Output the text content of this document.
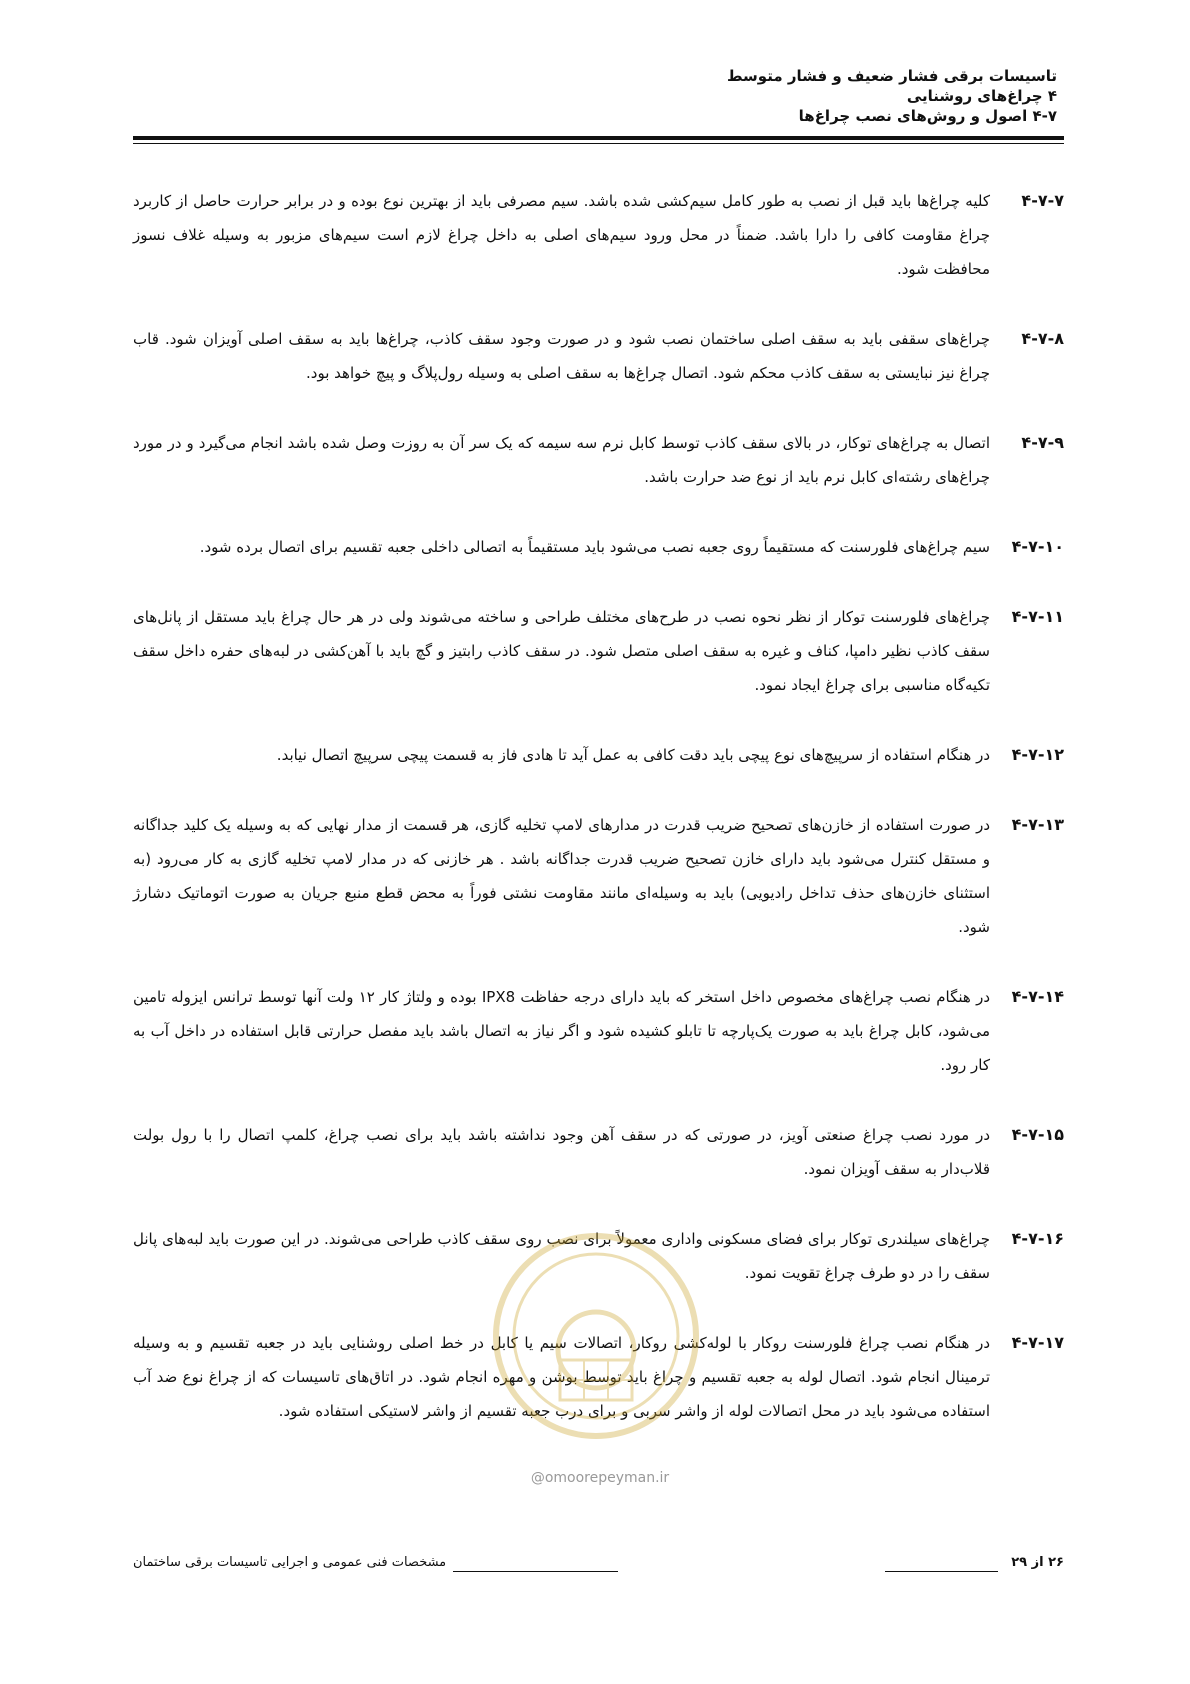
تاسیسات برقی فشار ضعیف و فشار متوسط
۴ چراغ‌های روشنایی
۴-۷ اصول و روش‌های نصب چراغ‌ها
۴-۷-۷
کلیه چراغ‌ها باید قبل از نصب به طور کامل سیم‌کشی شده باشد. سیم مصرفی باید از بهترین نوع بوده و در برابر حرارت حاصل از کاربرد چراغ مقاومت کافی را دارا باشد. ضمناً در محل ورود سیم‌های اصلی به داخل چراغ لازم است سیم‌های مزبور به وسیله غلاف نسوز محافظت شود.
۴-۷-۸
چراغ‌های سقفی باید به سقف اصلی ساختمان نصب شود و در صورت وجود سقف کاذب، چراغ‌ها باید به سقف اصلی آویزان شود. قاب چراغ نیز نبایستی به سقف کاذب محکم شود. اتصال چراغ‌ها به سقف اصلی به وسیله رول‌پلاگ و پیچ خواهد بود.
۴-۷-۹
اتصال به چراغ‌های توکار، در بالای سقف کاذب توسط کابل نرم سه سیمه که یک سر آن به روزت وصل شده باشد انجام می‌گیرد و در مورد چراغ‌های رشته‌ای کابل نرم باید از نوع ضد حرارت باشد.
۴-۷-۱۰
سیم چراغ‌های فلورسنت که مستقیماً روی جعبه نصب می‌شود باید مستقیماً به اتصالی داخلی جعبه تقسیم برای اتصال برده شود.
۴-۷-۱۱
چراغ‌های فلورسنت توکار از نظر نحوه نصب در طرح‌های مختلف طراحی و ساخته می‌شوند ولی در هر حال چراغ باید مستقل از پانل‌های سقف کاذب نظیر دامپا، کناف و غیره به سقف اصلی متصل شود. در سقف کاذب رابتیز و گچ باید با آهن‌کشی در لبه‌های حفره داخل سقف تکیه‌گاه مناسبی برای چراغ ایجاد نمود.
۴-۷-۱۲
در هنگام استفاده از سرپیچ‌های نوع پیچی باید دقت کافی به عمل آید تا هادی فاز به قسمت پیچی سرپیچ اتصال نیابد.
۴-۷-۱۳
در صورت استفاده از خازن‌های تصحیح ضریب قدرت در مدارهای لامپ تخلیه گازی، هر قسمت از مدار نهایی که به وسیله یک کلید جداگانه و مستقل کنترل می‌شود باید دارای خازن تصحیح ضریب قدرت جداگانه باشد . هر خازنی که در مدار لامپ تخلیه گازی به کار می‌رود (به استثنای خازن‌های حذف تداخل رادیویی) باید به وسیله‌ای مانند مقاومت نشتی فوراً به محض قطع منبع جریان به صورت اتوماتیک دشارژ شود.
۴-۷-۱۴
در هنگام نصب چراغ‌های مخصوص داخل استخر که باید دارای درجه حفاظت IPX8 بوده و ولتاژ کار ۱۲ ولت آنها توسط ترانس ایزوله تامین می‌شود، کابل چراغ باید به صورت یک‌پارچه تا تابلو کشیده شود و اگر نیاز به اتصال باشد باید مفصل حرارتی قابل استفاده در داخل آب به کار رود.
۴-۷-۱۵
در مورد نصب چراغ صنعتی آویز، در صورتی که در سقف آهن وجود نداشته باشد باید برای نصب چراغ، کلمپ اتصال را با رول بولت قلاب‌دار به سقف آویزان نمود.
۴-۷-۱۶
چراغ‌های سیلندری توکار برای فضای مسکونی واداری معمولاً برای نصب روی سقف کاذب طراحی می‌شوند. در این صورت باید لبه‌های پانل سقف را در دو طرف چراغ تقویت نمود.
۴-۷-۱۷
در هنگام نصب چراغ فلورسنت روکار با لوله‌کشی روکار، اتصالات سیم یا کابل در خط اصلی روشنایی باید در جعبه تقسیم و به وسیله ترمینال انجام شود. اتصال لوله به جعبه تقسیم و چراغ باید توسط بوشن و مهره انجام شود. در اتاق‌های تاسیسات که از چراغ نوع ضد آب استفاده می‌شود باید در محل اتصالات لوله از واشر سربی و برای درب جعبه تقسیم از واشر لاستیکی استفاده شود.
@omoorepeyman.ir
۲۶ از ۲۹
مشخصات فنی عمومی و اجرایی تاسیسات برقی ساختمان
